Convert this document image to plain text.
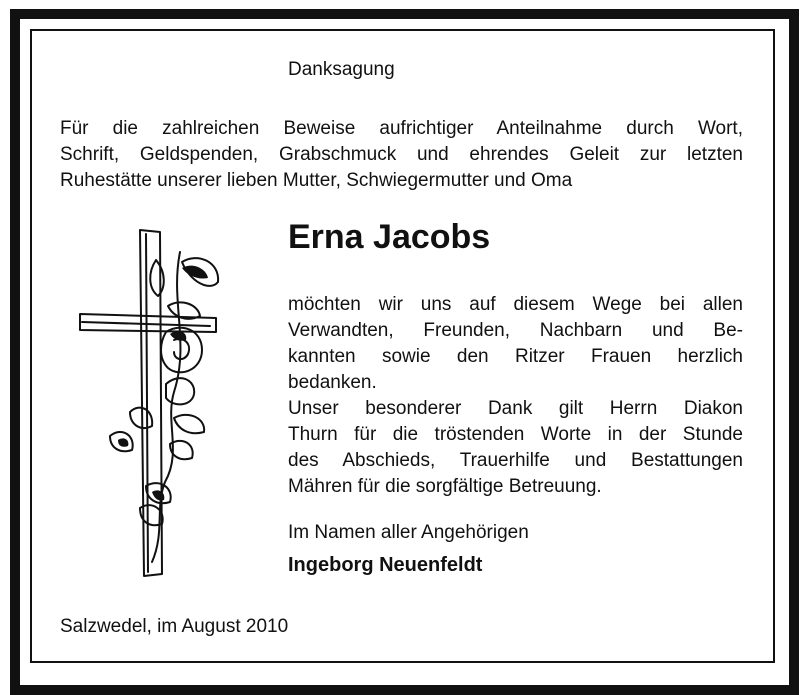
Danksagung
Für die zahlreichen Beweise aufrichtiger Anteilnahme durch Wort,
Schrift, Geldspenden, Grabschmuck und ehrendes Geleit zur letzten
Ruhestätte unserer lieben Mutter, Schwiegermutter und Oma
Erna Jacobs
möchten wir uns auf diesem Wege bei allen
Verwandten, Freunden, Nachbarn und Be-
kannten sowie den Ritzer Frauen herzlich
bedanken.
Unser besonderer Dank gilt Herrn Diakon
Thurn für die tröstenden Worte in der Stunde
des Abschieds, Trauerhilfe und Bestattungen
Mähren für die sorgfältige Betreuung.
Im Namen aller Angehörigen
Ingeborg Neuenfeldt
Salzwedel, im August 2010
